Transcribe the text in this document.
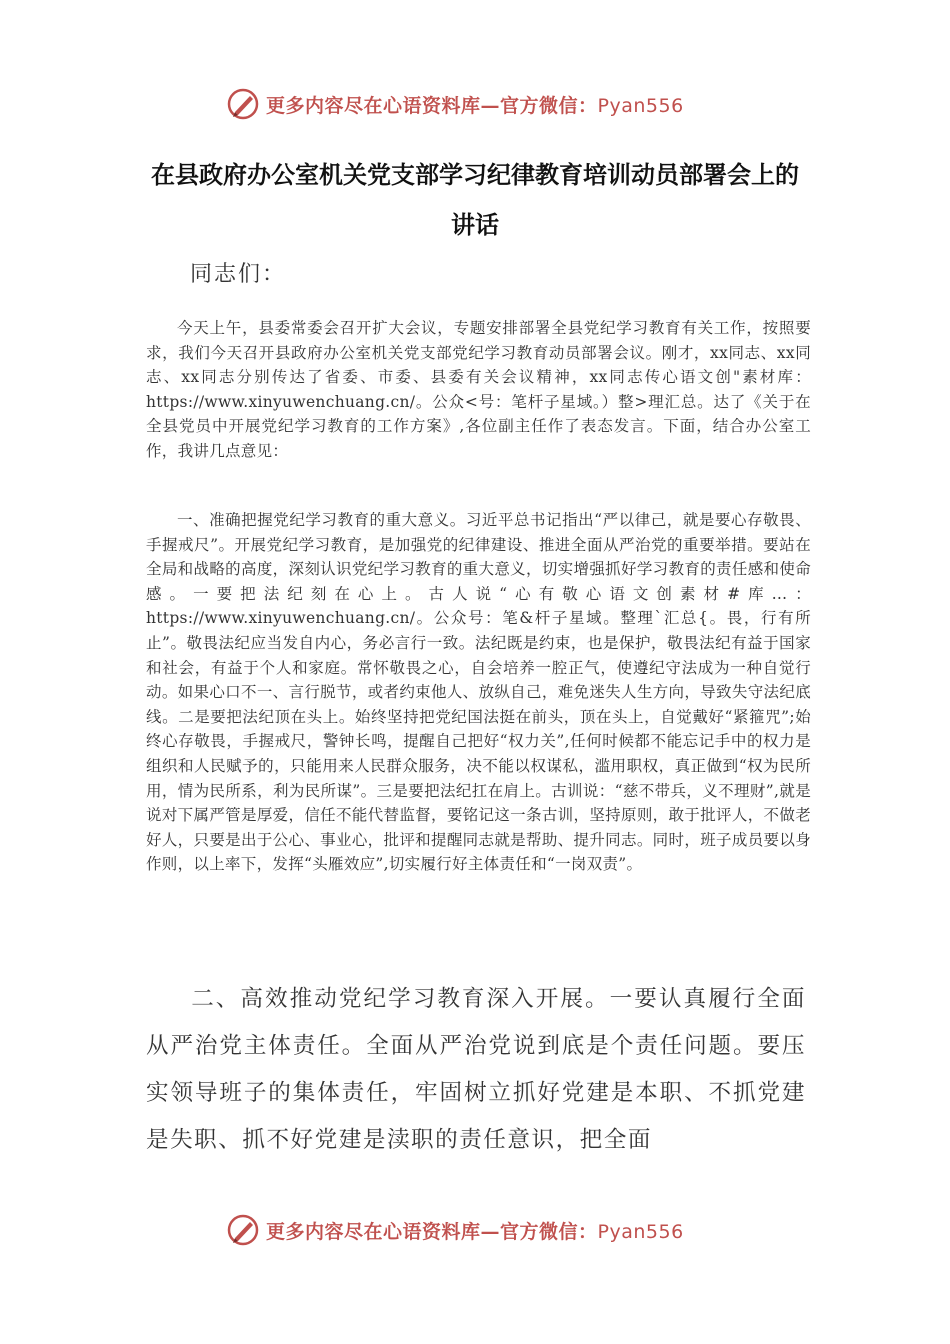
更多内容尽在心语资料库—官方微信：Pyan556
在县政府办公室机关党支部学习纪律教育培训动员部署会上的讲话
同志们：

今天上午，县委常委会召开扩大会议，专题安排部署全县党纪学习教育有关工作，按照要求，我们今天召开县政府办公室机关党支部党纪学习教育动员部署会议。刚才，xx同志、xx同志、xx同志分别传达了省委、市委、县委有关会议精神，xx同志传心语文创"素材库：https://www.xinyuwenchuang.cn/。公众<号：笔杆子星域。）整>理汇总。达了《关于在全县党员中开展党纪学习教育的工作方案》,各位副主任作了表态发言。下面，结合办公室工作，我讲几点意见：

一、准确把握党纪学习教育的重大意义。习近平总书记指出“严以律己，就是要心存敬畏、手握戒尺”。开展党纪学习教育，是加强党的纪律建设、推进全面从严治党的重要举措。要站在全局和战略的高度，深刻认识党纪学习教育的重大意义，切实增强抓好学习教育的责任感和使命感。一要把法纪刻在心上。古人说“心有敬心语文创素材#库…：https://www.xinyuwenchuang.cn/。公众号：笔&杆子星域。整理`汇总{。畏，行有所止”。敬畏法纪应当发自内心，务必言行一致。法纪既是约束，也是保护，敬畏法纪有益于国家和社会，有益于个人和家庭。常怀敬畏之心，自会培养一腔正气，使遵纪守法成为一种自觉行动。如果心口不一、言行脱节，或者约束他人、放纵自己，难免迷失人生方向，导致失守法纪底线。二是要把法纪顶在头上。始终坚持把党纪国法挺在前头，顶在头上，自觉戴好“紧箍咒”;始终心存敬畏，手握戒尺，警钟长鸣，提醒自己把好“权力关”,任何时候都不能忘记手中的权力是组织和人民赋予的，只能用来人民群众服务，决不能以权谋私，滥用职权，真正做到“权为民所用，情为民所系，利为民所谋”。三是要把法纪扛在肩上。古训说：“慈不带兵，义不理财”,就是说对下属严管是厚爱，信任不能代替监督，要铭记这一条古训，坚持原则，敢于批评人，不做老好人，只要是出于公心、事业心，批评和提醒同志就是帮助、提升同志。同时，班子成员要以身作则，以上率下，发挥“头雁效应”,切实履行好主体责任和“一岗双责”。

二、高效推动党纪学习教育深入开展。一要认真履行全面从严治党主体责任。全面从严治党说到底是个责任问题。要压实领导班子的集体责任，牢固树立抓好党建是本职、不抓党建是失职、抓不好党建是渎职的责任意识，把全面

更多内容尽在心语资料库—官方微信：Pyan556
